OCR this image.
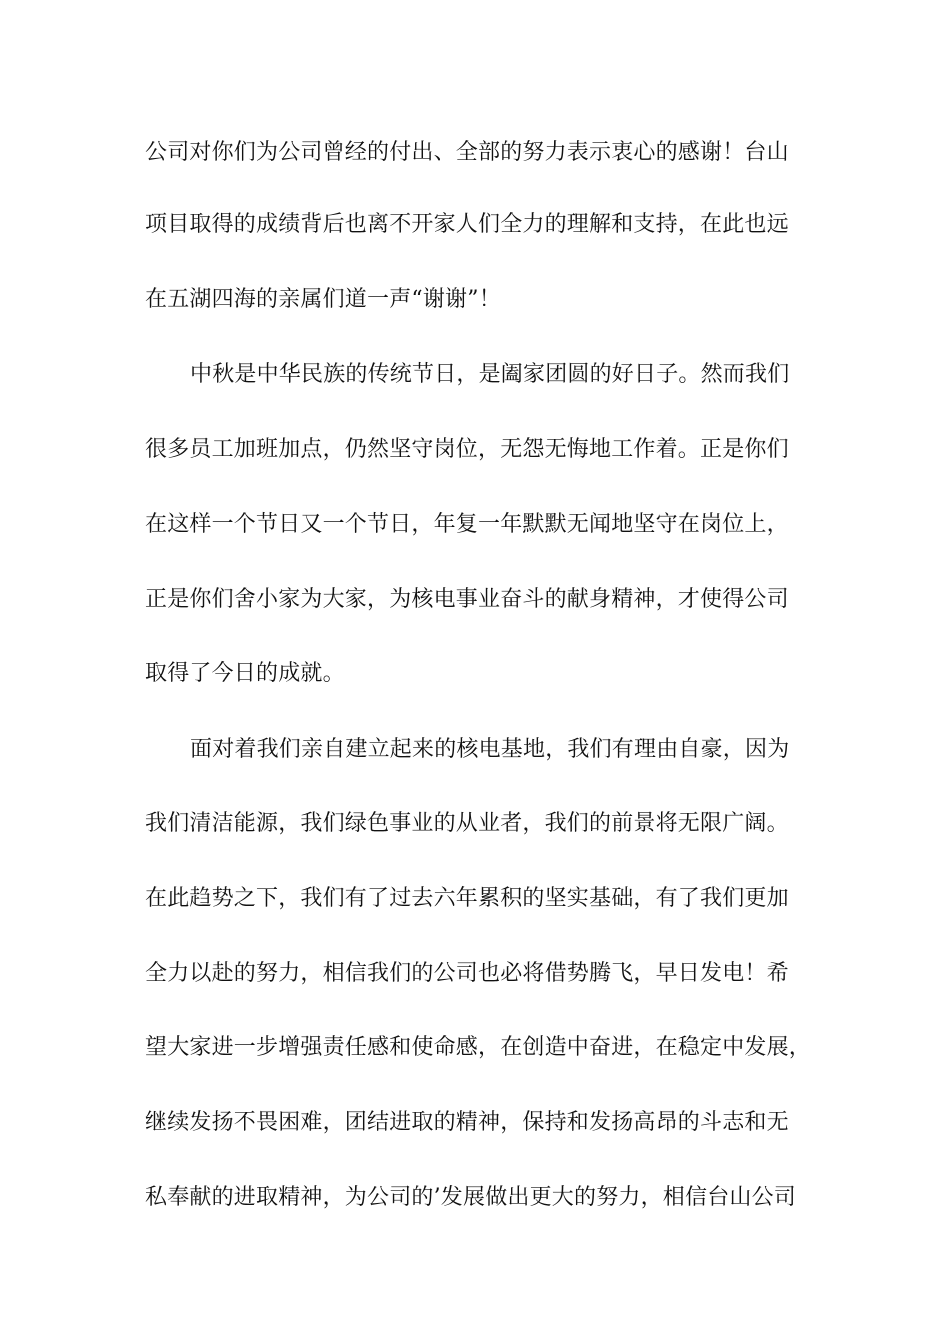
公司对你们为公司曾经的付出、全部的努力表示衷心的感谢！台山
项目取得的成绩背后也离不开家人们全力的理解和支持，在此也远
在五湖四海的亲属们道一声“谢谢”！
中秋是中华民族的传统节日，是阖家团圆的好日子。然而我们
很多员工加班加点，仍然坚守岗位，无怨无悔地工作着。正是你们
在这样一个节日又一个节日，年复一年默默无闻地坚守在岗位上，
正是你们舍小家为大家，为核电事业奋斗的献身精神，才使得公司
取得了今日的成就。
面对着我们亲自建立起来的核电基地，我们有理由自豪，因为
我们清洁能源，我们绿色事业的从业者，我们的前景将无限广阔。
在此趋势之下，我们有了过去六年累积的坚实基础，有了我们更加
全力以赴的努力，相信我们的公司也必将借势腾飞，早日发电！希
望大家进一步增强责任感和使命感，在创造中奋进，在稳定中发展，
继续发扬不畏困难，团结进取的精神，保持和发扬高昂的斗志和无
私奉献的进取精神，为公司的’发展做出更大的努力，相信台山公司
